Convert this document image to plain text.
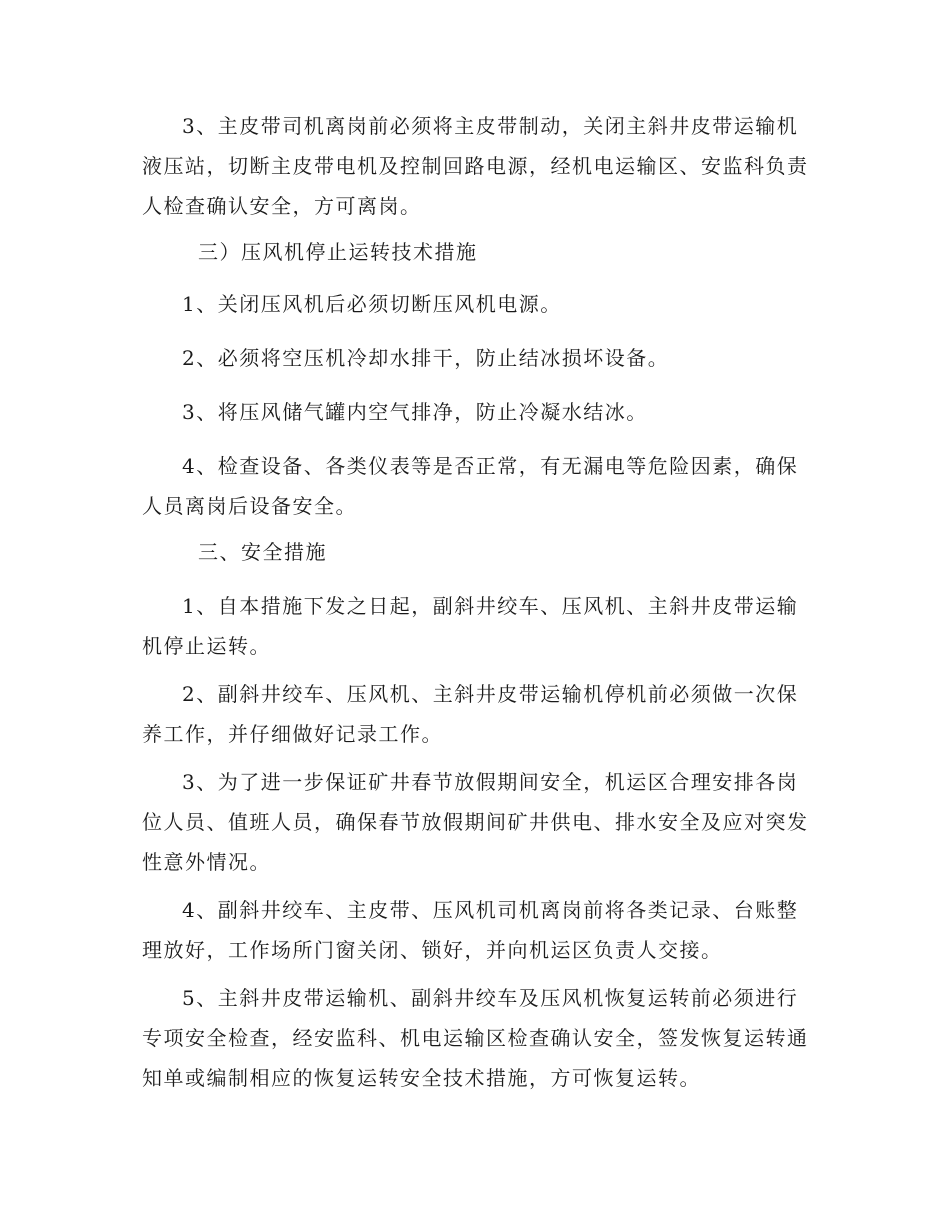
3、主皮带司机离岗前必须将主皮带制动，关闭主斜井皮带运输机液压站，切断主皮带电机及控制回路电源，经机电运输区、安监科负责人检查确认安全，方可离岗。

三）压风机停止运转技术措施

1、关闭压风机后必须切断压风机电源。

2、必须将空压机冷却水排干，防止结冰损坏设备。

3、将压风储气罐内空气排净，防止冷凝水结冰。

4、检查设备、各类仪表等是否正常，有无漏电等危险因素，确保人员离岗后设备安全。

三、安全措施

1、自本措施下发之日起，副斜井绞车、压风机、主斜井皮带运输机停止运转。

2、副斜井绞车、压风机、主斜井皮带运输机停机前必须做一次保养工作，并仔细做好记录工作。

3、为了进一步保证矿井春节放假期间安全，机运区合理安排各岗位人员、值班人员，确保春节放假期间矿井供电、排水安全及应对突发性意外情况。

4、副斜井绞车、主皮带、压风机司机离岗前将各类记录、台账整理放好，工作场所门窗关闭、锁好，并向机运区负责人交接。

5、主斜井皮带运输机、副斜井绞车及压风机恢复运转前必须进行专项安全检查，经安监科、机电运输区检查确认安全，签发恢复运转通知单或编制相应的恢复运转安全技术措施，方可恢复运转。
